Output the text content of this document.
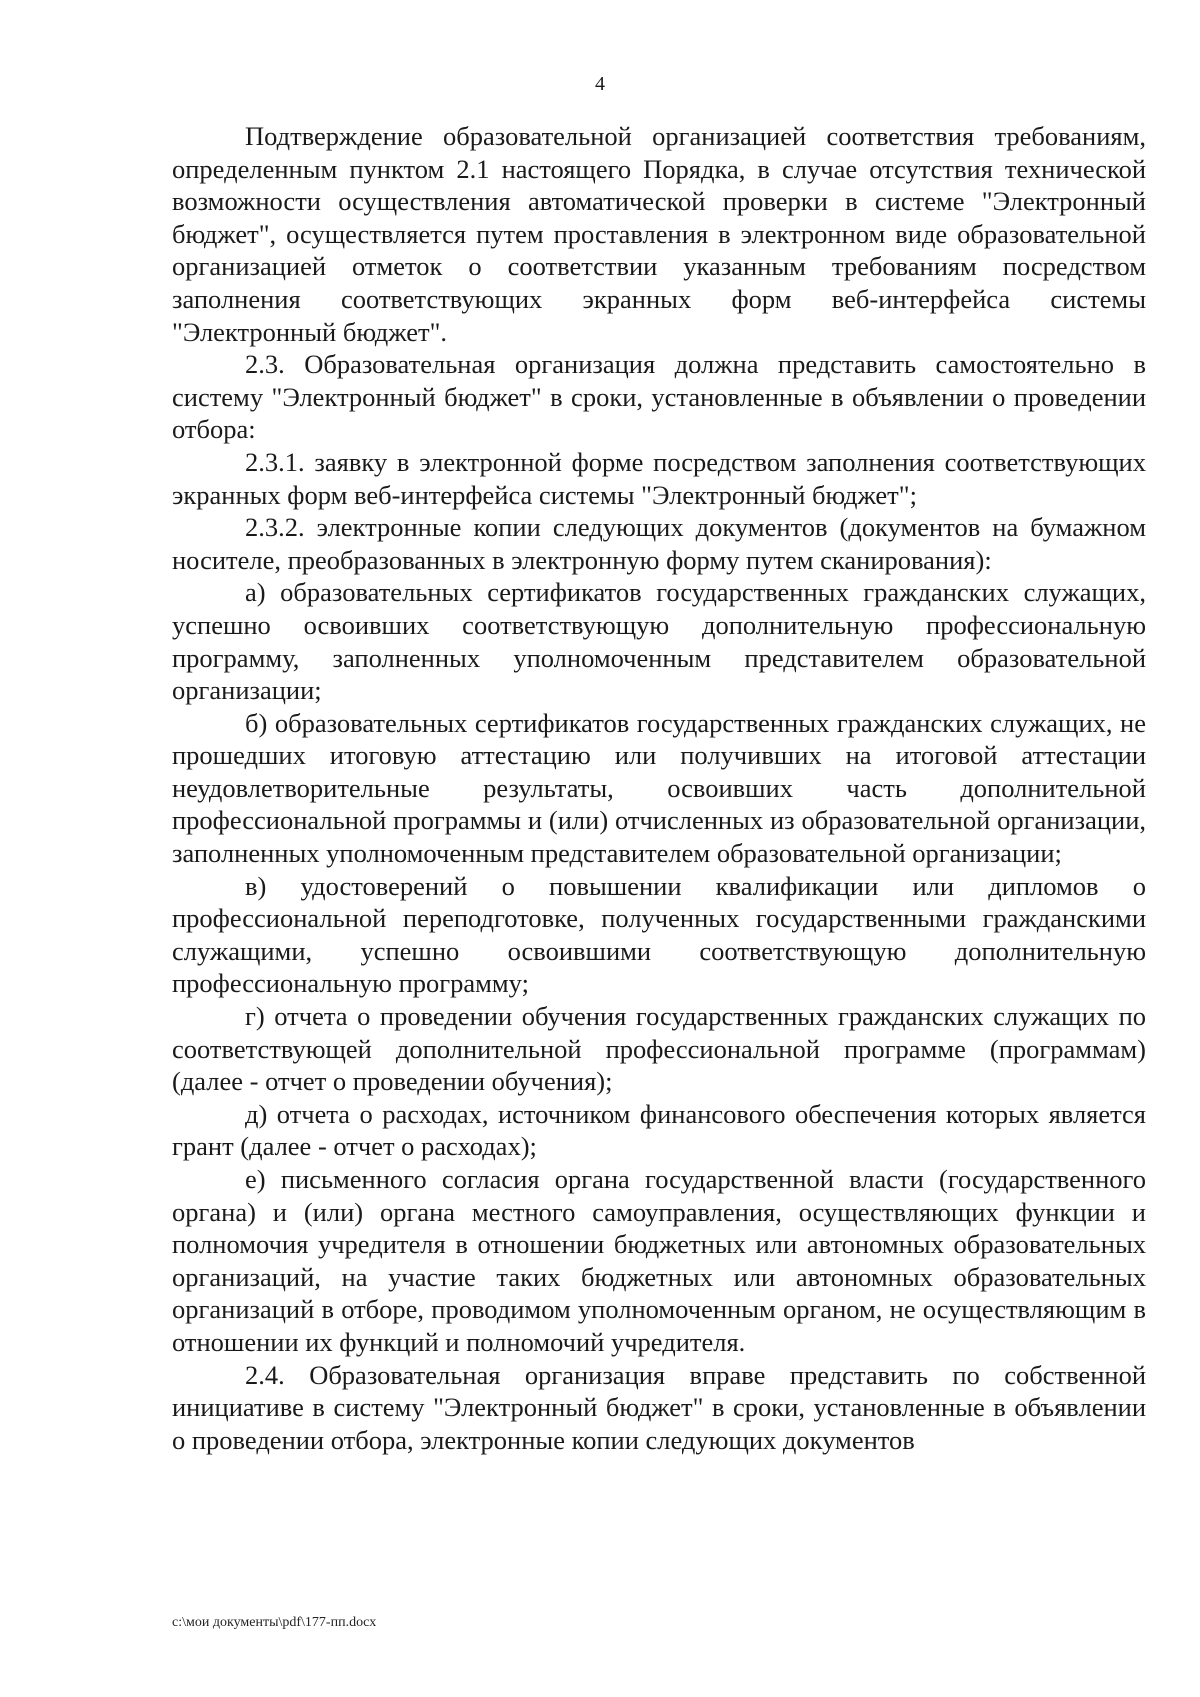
4

Подтверждение образовательной организацией соответствия требованиям, определенным пунктом 2.1 настоящего Порядка, в случае отсутствия технической возможности осуществления автоматической проверки в системе "Электронный бюджет", осуществляется путем проставления в электронном виде образовательной организацией отметок о соответствии указанным требованиям посредством заполнения соответствующих экранных форм веб-интерфейса системы "Электронный бюджет".

2.3. Образовательная организация должна представить самостоятельно в систему "Электронный бюджет" в сроки, установленные в объявлении о проведении отбора:

2.3.1. заявку в электронной форме посредством заполнения соответствующих экранных форм веб-интерфейса системы "Электронный бюджет";

2.3.2. электронные копии следующих документов (документов на бумажном носителе, преобразованных в электронную форму путем сканирования):

а) образовательных сертификатов государственных гражданских служащих, успешно освоивших соответствующую дополнительную профессиональную программу, заполненных уполномоченным представителем образовательной организации;

б) образовательных сертификатов государственных гражданских служащих, не прошедших итоговую аттестацию или получивших на итоговой аттестации неудовлетворительные результаты, освоивших часть дополнительной профессиональной программы и (или) отчисленных из образовательной организации, заполненных уполномоченным представителем образовательной организации;

в) удостоверений о повышении квалификации или дипломов о профессиональной переподготовке, полученных государственными гражданскими служащими, успешно освоившими соответствующую дополнительную профессиональную программу;

г) отчета о проведении обучения государственных гражданских служащих по соответствующей дополнительной профессиональной программе (программам) (далее - отчет о проведении обучения);

д) отчета о расходах, источником финансового обеспечения которых является грант (далее - отчет о расходах);

е) письменного согласия органа государственной власти (государственного органа) и (или) органа местного самоуправления, осуществляющих функции и полномочия учредителя в отношении бюджетных или автономных образовательных организаций, на участие таких бюджетных или автономных образовательных организаций в отборе, проводимом уполномоченным органом, не осуществляющим в отношении их функций и полномочий учредителя.

2.4. Образовательная организация вправе представить по собственной инициативе в систему "Электронный бюджет" в сроки, установленные в объявлении о проведении отбора, электронные копии следующих документов

c:\мои документы\pdf\177-пп.docx
